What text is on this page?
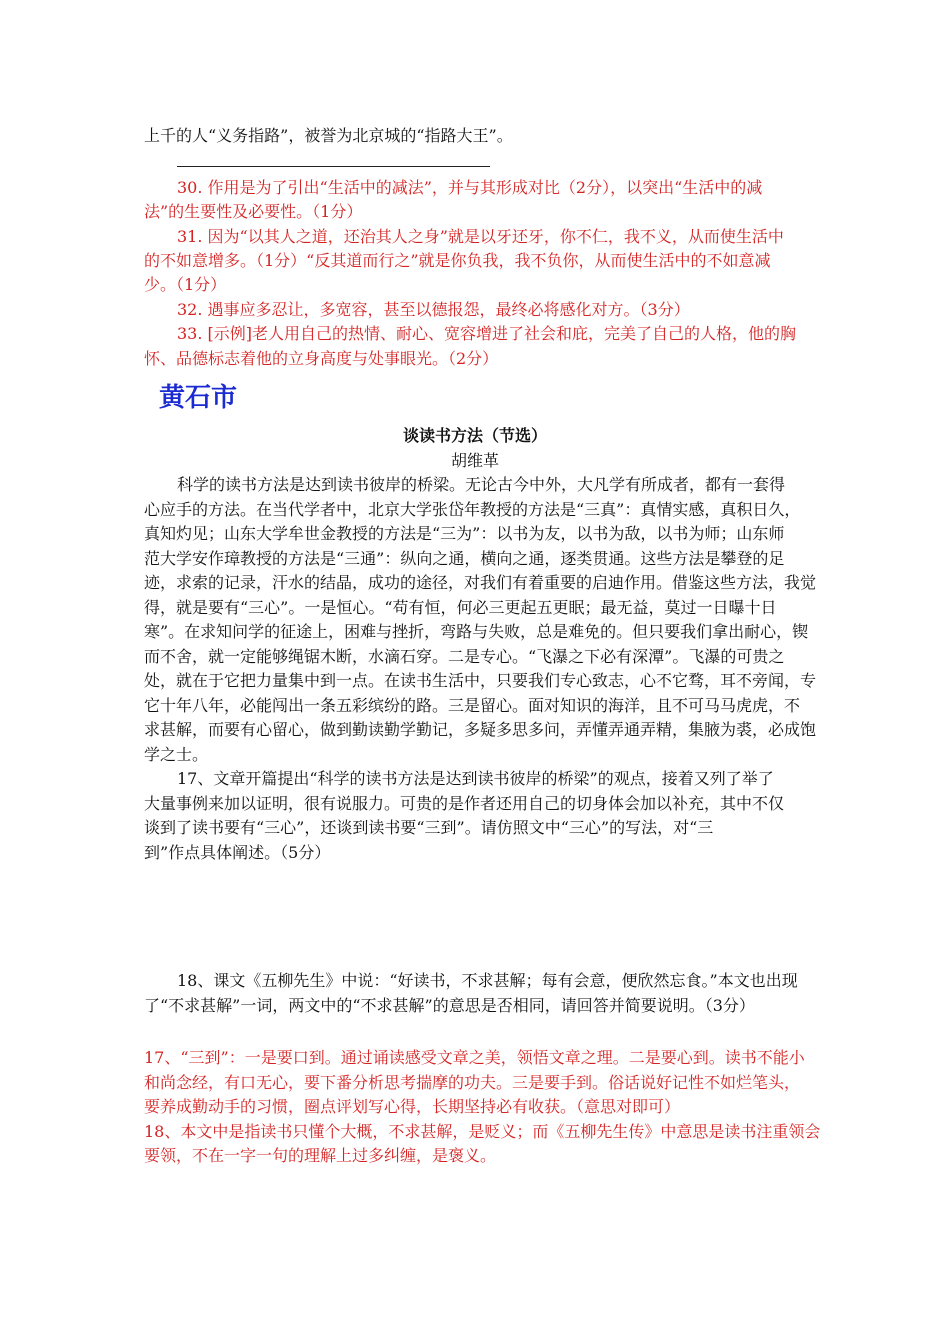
上千的人“义务指路”，被誉为北京城的“指路大王”。
30. 作用是为了引出“生活中的减法”，并与其形成对比（2分），以突出“生活中的减
法”的生要性及必要性。（1分）
31. 因为“以其人之道，还治其人之身”就是以牙还牙，你不仁，我不义，从而使生活中
的不如意增多。（1分）“反其道而行之”就是你负我，我不负你，从而使生活中的不如意减
少。（1分）
32. 遇事应多忍让，多宽容，甚至以德报怨，最终必将感化对方。（3分）
33. [示例]老人用自己的热情、耐心、宽容增进了社会和庇，完美了自己的人格，他的胸
怀、品德标志着他的立身高度与处事眼光。（2分）
黄石市
谈读书方法（节选）
胡维革
科学的读书方法是达到读书彼岸的桥梁。无论古今中外，大凡学有所成者，都有一套得
心应手的方法。在当代学者中，北京大学张岱年教授的方法是“三真”：真情实感，真积日久，
真知灼见；山东大学牟世金教授的方法是“三为”：以书为友，以书为敌，以书为师；山东师
范大学安作璋教授的方法是“三通”：纵向之通，横向之通，逐类贯通。这些方法是攀登的足
迹，求索的记录，汗水的结晶，成功的途径，对我们有着重要的启迪作用。借鉴这些方法，我觉
得，就是要有“三心”。一是恒心。“苟有恒，何必三更起五更眠；最无益，莫过一日曝十日
寒”。在求知问学的征途上，困难与挫折，弯路与失败，总是难免的。但只要我们拿出耐心，锲
而不舍，就一定能够绳锯木断，水滴石穿。二是专心。“飞瀑之下必有深潭”。飞瀑的可贵之
处，就在于它把力量集中到一点。在读书生活中，只要我们专心致志，心不它骛，耳不旁闻，专
它十年八年，必能闯出一条五彩缤纷的路。三是留心。面对知识的海洋，且不可马马虎虎，不
求甚解，而要有心留心，做到勤读勤学勤记，多疑多思多问，弄懂弄通弄精，集腋为裘，必成饱
学之士。
17、文章开篇提出“科学的读书方法是达到读书彼岸的桥梁”的观点，接着又列了举了
大量事例来加以证明，很有说服力。可贵的是作者还用自己的切身体会加以补充，其中不仅
谈到了读书要有“三心”，还谈到读书要“三到”。请仿照文中“三心”的写法，对“三
到”作点具体阐述。（5分）
18、课文《五柳先生》中说：“好读书，不求甚解；每有会意，便欣然忘食。”本文也出现
了“不求甚解”一词，两文中的“不求甚解”的意思是否相同，请回答并简要说明。（3分）
17、“三到”：一是要口到。通过诵读感受文章之美，领悟文章之理。二是要心到。读书不能小
和尚念经，有口无心，要下番分析思考揣摩的功夫。三是要手到。俗话说好记性不如烂笔头，
要养成勤动手的习惯，圈点评划写心得，长期坚持必有收获。（意思对即可）
18、本文中是指读书只懂个大概，不求甚解，是贬义；而《五柳先生传》中意思是读书注重领会
要领，不在一字一句的理解上过多纠缠，是褒义。
